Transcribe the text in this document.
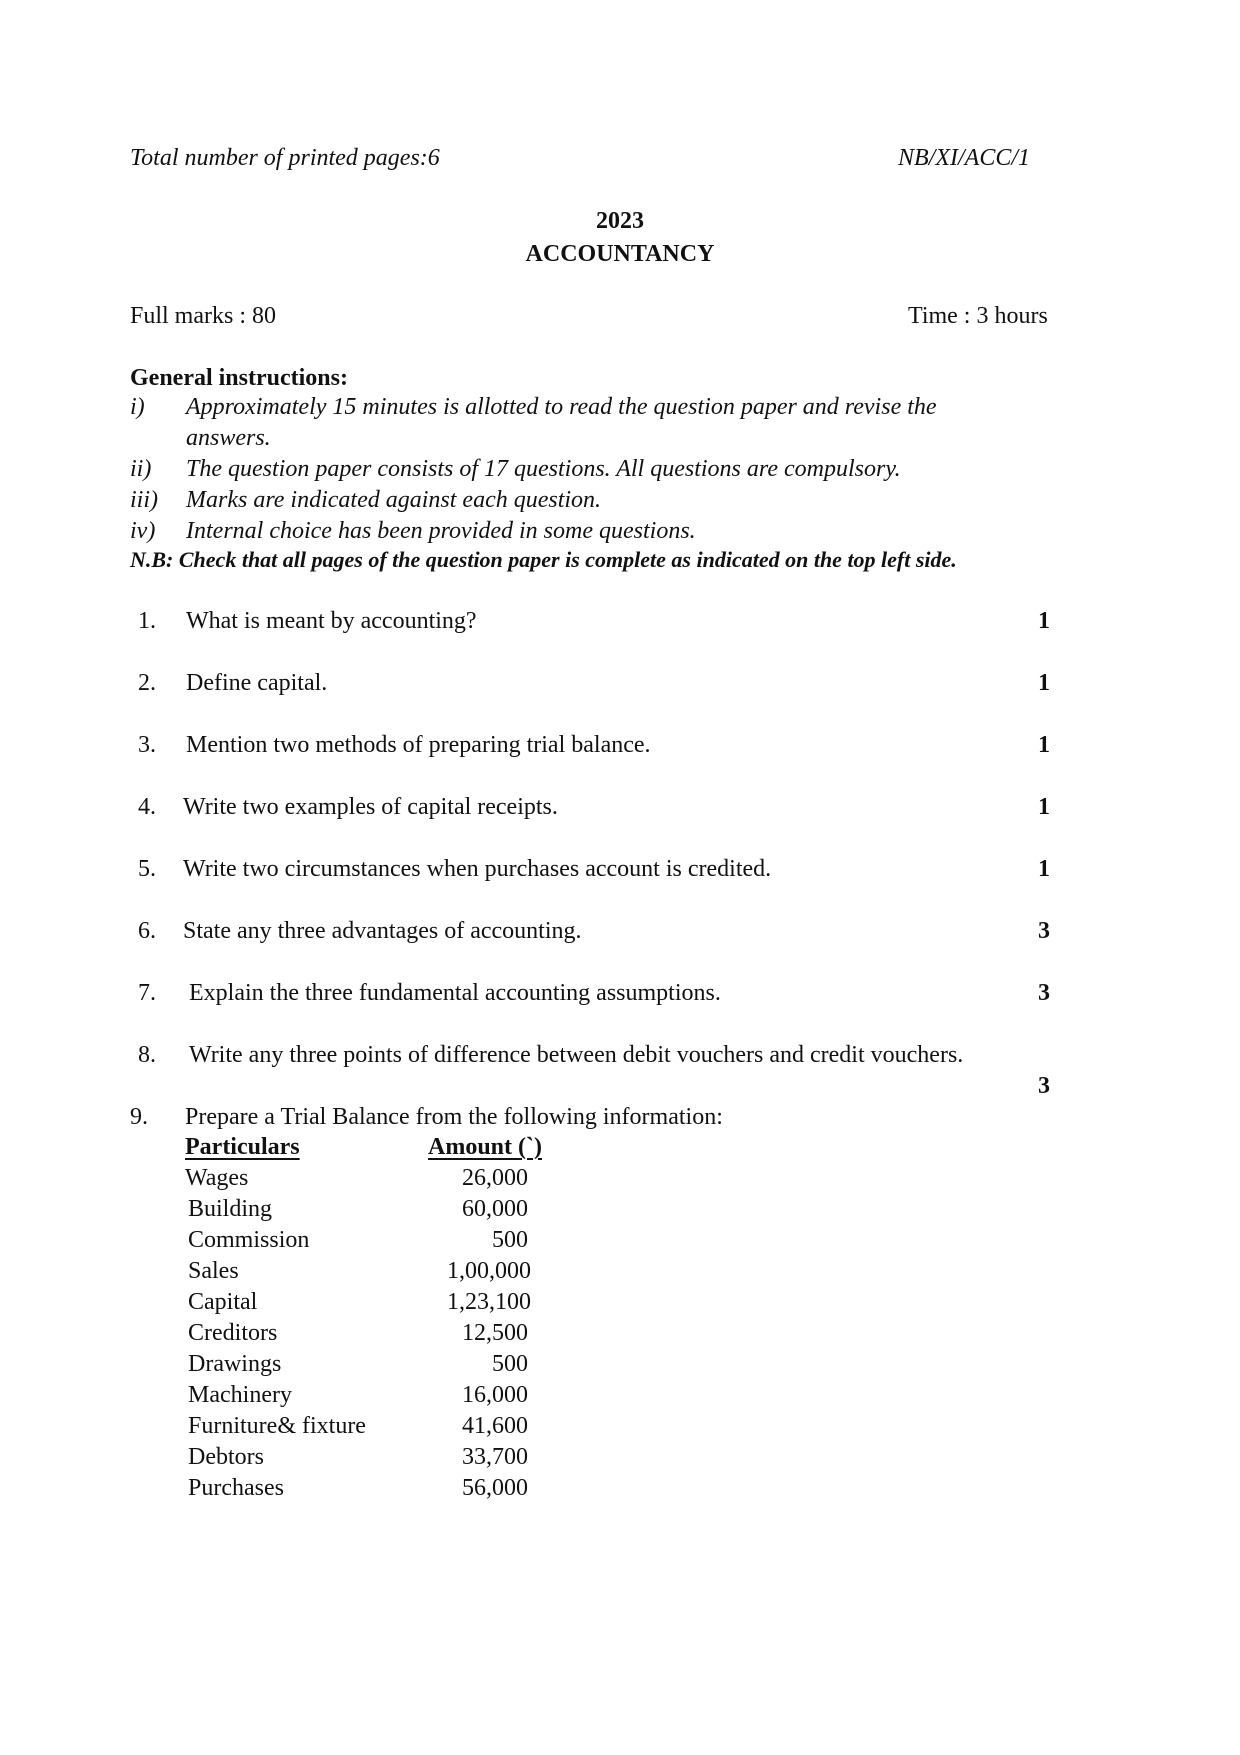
Total number of printed pages:6	NB/XI/ACC/1
2023
ACCOUNTANCY
Full marks : 80	Time : 3 hours
General instructions:
i) Approximately 15 minutes is allotted to read the question paper and revise the
answers.
ii) The question paper consists of 17 questions. All questions are compulsory.
iii) Marks are indicated against each question.
iv) Internal choice has been provided in some questions.
N.B: Check that all pages of the question paper is complete as indicated on the top left side.
1. What is meant by accounting?	1
2. Define capital.	1
3. Mention two methods of preparing trial balance.	1
4. Write two examples of capital receipts.	1
5. Write two circumstances when purchases account is credited.	1
6. State any three advantages of accounting.	3
7. Explain the three fundamental accounting assumptions.	3
8. Write any three points of difference between debit vouchers and credit vouchers.
3
9. Prepare a Trial Balance from the following information:
Particulars	Amount (`)
Wages	26,000
Building	60,000
Commission	500
Sales	1,00,000
Capital	1,23,100
Creditors	12,500
Drawings	500
Machinery	16,000
Furniture& fixture	41,600
Debtors	33,700
Purchases	56,000
